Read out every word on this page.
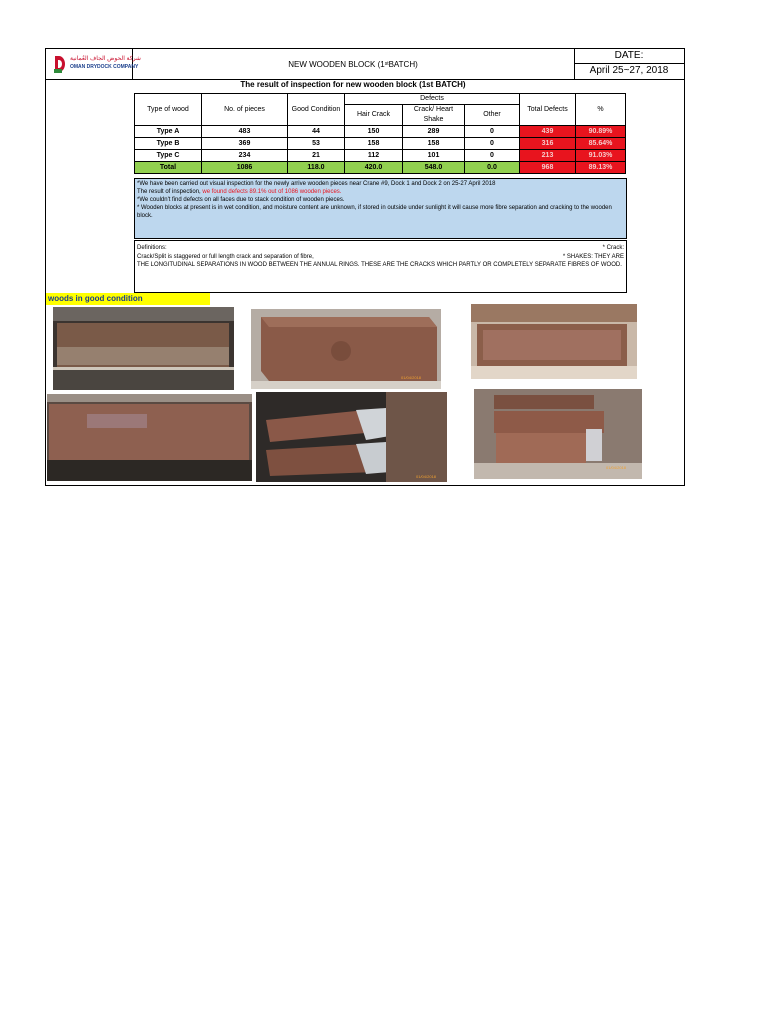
شركة الحوض الجاف العُمانية
OMAN DRYDOCK COMPANY	NEW WOODEN BLOCK (1 st BATCH)
DATE:
April 25~27, 2018
The result of inspection for new wooden block (1st BATCH)
Type of wood	No. of pieces	Good Condition	Defects			Total Defects	%
			Hair Crack	Crack/ Heart Shake	Other		
Type A	483	44	150	289	0	439	90.89%
Type B	369	53	158	158	0	316	85.64%
Type C	234	21	112	101	0	213	91.03%
Total	1086	118.0	420.0	548.0	0.0	968	89.13%
*We have been carried out visual inspection for the newly arrive wooden pieces near Crane #9, Dock 1 and Dock 2 on 25-27 April 2018
The result of inspection, we found defects 89.1% out of 1086 wooden pieces.
*We couldn't find defects on all faces due to stack condition of wooden pieces.
* Wooden blocks at present is in wet condition, and moisture content are unknown, if stored in outside under sunlight it will cause more fibre separation and cracking to the wooden block.
Definitions:	* Crack:
Crack/Split is staggered or full length crack and separation of fibre,	* SHAKES: THEY ARE
THE LONGITUDINAL SEPARATIONS IN WOOD BETWEEN THE ANNUAL RINGS. THESE ARE THE CRACKS WHICH PARTLY OR COMPLETELY SEPARATE FIBRES OF WOOD.
woods in good condition
01/04/2018
01/04/2018
01/04/2018
